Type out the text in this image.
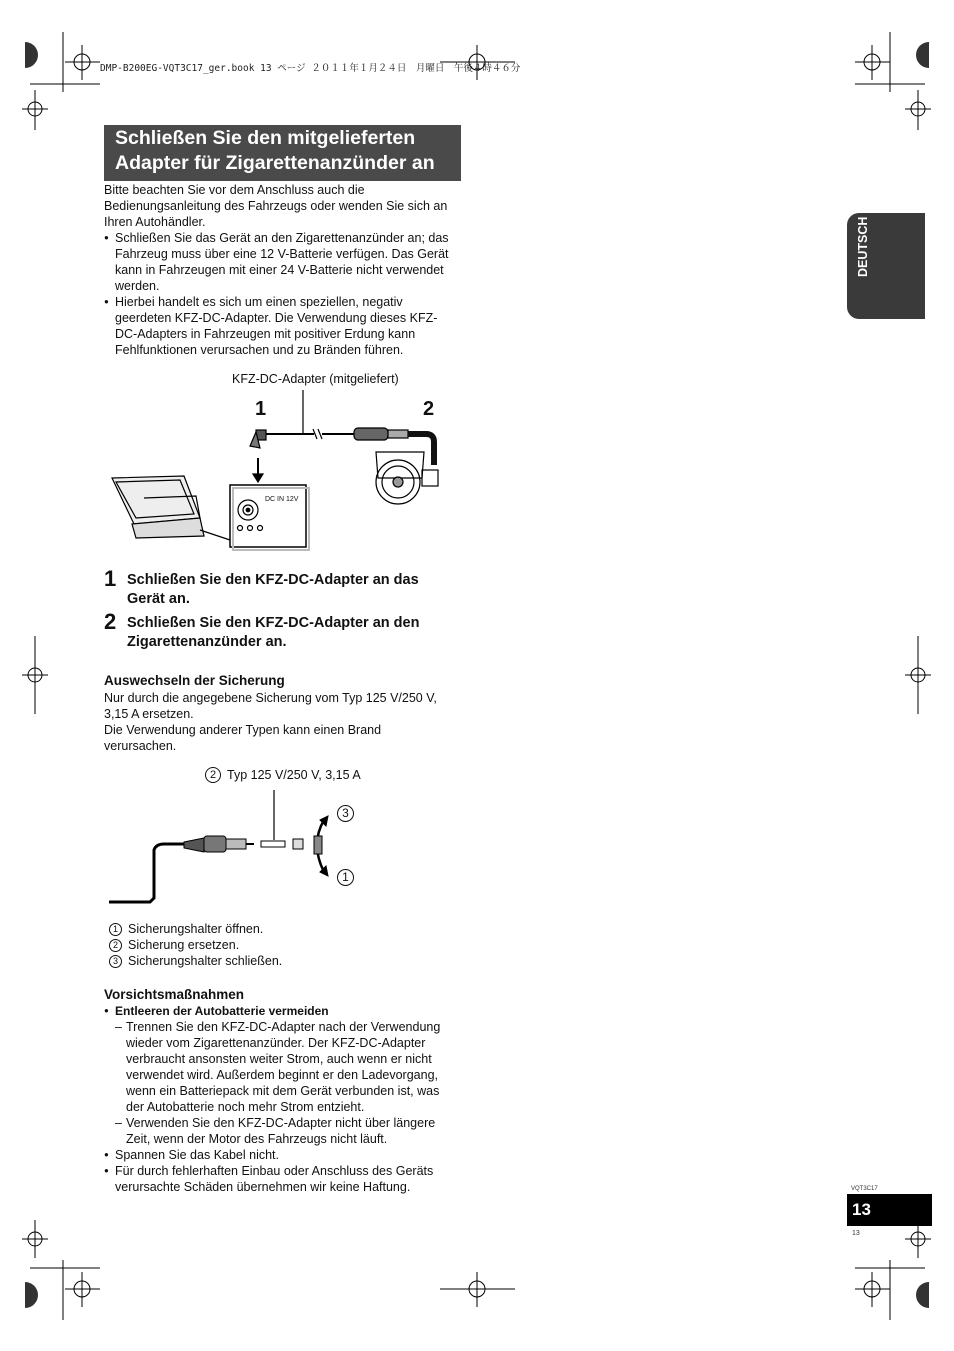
DMP-B200EG-VQT3C17_ger.book 13 ページ ２０１１年１月２４日　月曜日　午後４時４６分
Schließen Sie den mitgelieferten
Adapter für Zigarettenanzünder an
Bitte beachten Sie vor dem Anschluss auch die
Bedienungsanleitung des Fahrzeugs oder wenden Sie sich an
Ihren Autohändler.
● Schließen Sie das Gerät an den Zigarettenanzünder an; das
Fahrzeug muss über eine 12 V-Batterie verfügen. Das Gerät
kann in Fahrzeugen mit einer 24 V-Batterie nicht verwendet
werden.
● Hierbei handelt es sich um einen speziellen, negativ
geerdeten KFZ-DC-Adapter. Die Verwendung dieses KFZ-
DC-Adapters in Fahrzeugen mit positiver Erdung kann
Fehlfunktionen verursachen und zu Bränden führen.
KFZ-DC-Adapter (mitgeliefert)
1	2
DC IN 12V
1 Schließen Sie den KFZ-DC-Adapter an das
Gerät an.
2 Schließen Sie den KFZ-DC-Adapter an den
Zigarettenanzünder an.
Auswechseln der Sicherung
Nur durch die angegebene Sicherung vom Typ 125 V/250 V,
3,15 A ersetzen.
Die Verwendung anderer Typen kann einen Brand
verursachen.
2 Typ 125 V/250 V, 3,15 A
3
1
1 Sicherungshalter öffnen.
2 Sicherung ersetzen.
3 Sicherungshalter schließen.
Vorsichtsmaßnahmen
● Entleeren der Autobatterie vermeiden
– Trennen Sie den KFZ-DC-Adapter nach der Verwendung
wieder vom Zigarettenanzünder. Der KFZ-DC-Adapter
verbraucht ansonsten weiter Strom, auch wenn er nicht
verwendet wird. Außerdem beginnt er den Ladevorgang,
wenn ein Batteriepack mit dem Gerät verbunden ist, was
der Autobatterie noch mehr Strom entzieht.
– Verwenden Sie den KFZ-DC-Adapter nicht über längere
Zeit, wenn der Motor des Fahrzeugs nicht läuft.
● Spannen Sie das Kabel nicht.
● Für durch fehlerhaften Einbau oder Anschluss des Geräts
verursachte Schäden übernehmen wir keine Haftung.
DEUTSCH
VQT3C17
13
13
